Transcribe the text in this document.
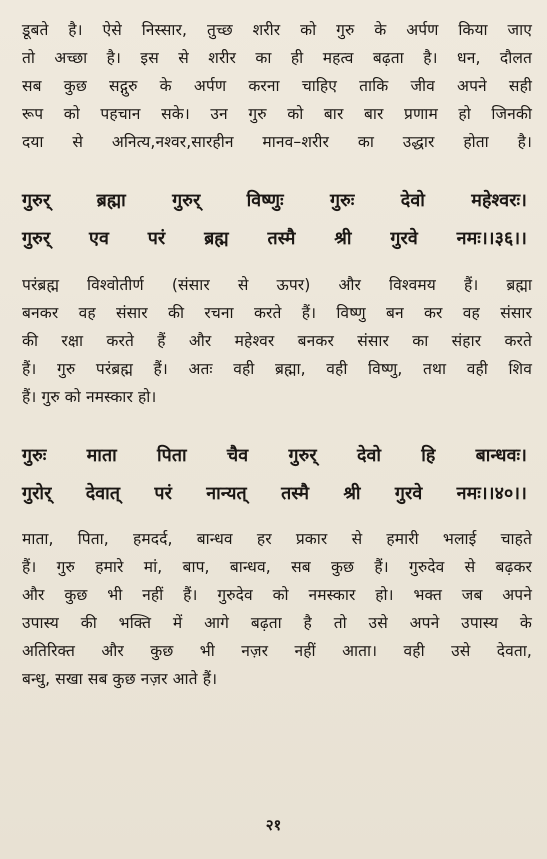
डूबते है। ऐसे निस्सार, तुच्छ शरीर को गुरु के अर्पण किया जाए
तो अच्छा है। इस से शरीर का ही महत्व बढ़ता है। धन, दौलत
सब कुछ सद्गुरु के अर्पण करना चाहिए ताकि जीव अपने सही
रूप को पहचान सके। उन गुरु को बार बार प्रणाम हो जिनकी
दया से अनित्य,नश्वर,सारहीन मानव–शरीर का उद्धार होता है।
गुरुर् ब्रह्मा गुरुर् विष्णुः गुरुः देवो महेश्वरः।
गुरुर् एव परं ब्रह्म तस्मै श्री गुरवे नमः।।३६।।
परंब्रह्म विश्वोतीर्ण (संसार से ऊपर) और विश्वमय हैं। ब्रह्मा
बनकर वह संसार की रचना करते हैं। विष्णु बन कर वह संसार
की रक्षा करते हैं और महेश्वर बनकर संसार का संहार करते
हैं। गुरु परंब्रह्म हैं। अतः वही ब्रह्मा, वही विष्णु, तथा वही शिव
हैं। गुरु को नमस्कार हो।
गुरुः माता पिता चैव गुरुर् देवो हि बान्धवः।
गुरोर् देवात् परं नान्यत् तस्मै श्री गुरवे नमः।।४०।।
माता, पिता, हमदर्द, बान्धव हर प्रकार से हमारी भलाई चाहते
हैं। गुरु हमारे मां, बाप, बान्धव, सब कुछ हैं। गुरुदेव से बढ़कर
और कुछ भी नहीं हैं। गुरुदेव को नमस्कार हो। भक्त जब अपने
उपास्य की भक्ति में आगे बढ़ता है तो उसे अपने उपास्य के
अतिरिक्त और कुछ भी नज़र नहीं आता। वही उसे देवता,
बन्धु, सखा सब कुछ नज़र आते हैं।
२१
